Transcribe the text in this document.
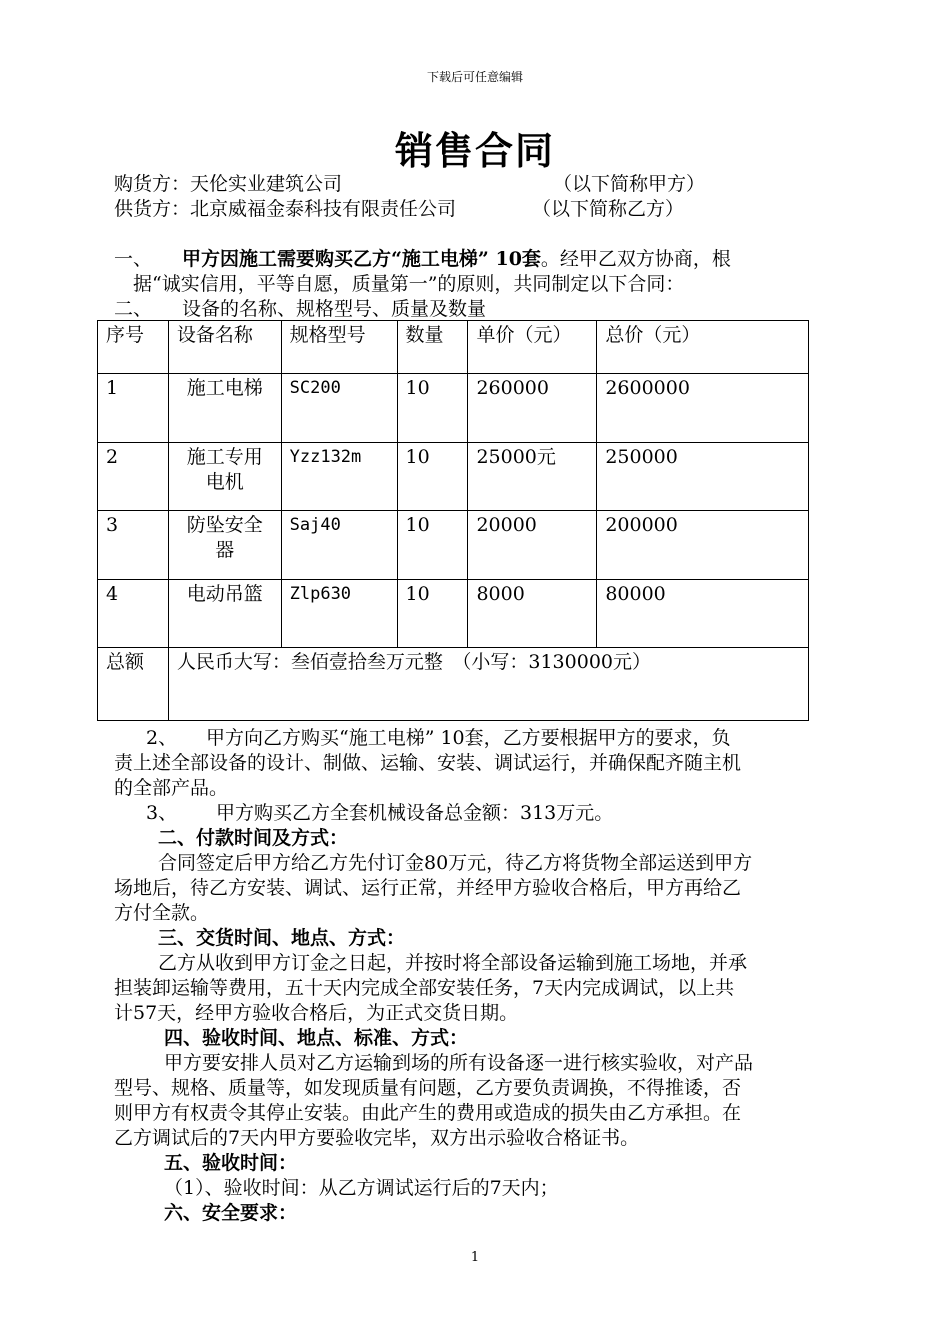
下载后可任意编辑
销售合同
购货方：天伦实业建筑公司	（以下简称甲方）
供货方：北京威福金泰科技有限责任公司	（以下简称乙方）
一、 甲方因施工需要购买乙方“施工电梯” 10套。经甲乙双方协商，根
据“诚实信用，平等自愿，质量第一”的原则，共同制定以下合同：
二、 设备的名称、规格型号、质量及数量
序号	设备名称	规格型号	数量	单价（元）	总价（元）
1	施工电梯	SC200	10	260000	2600000
2	施工专用
电机	Yzz132m	10	25000元	250000
3	防坠安全
器	Saj40	10	20000	200000
4	电动吊篮	Zlp630	10	8000	80000
总额	人民币大写：叁佰壹拾叁万元整　（小写：3130000元）				
2、 甲方向乙方购买“施工电梯” 10套，乙方要根据甲方的要求，负
责上述全部设备的设计、制做、运输、安装、调试运行，并确保配齐随主机
的全部产品。
3、 甲方购买乙方全套机械设备总金额：313万元。
二、付款时间及方式：
合同签定后甲方给乙方先付订金80万元，待乙方将货物全部运送到甲方
场地后，待乙方安装、调试、运行正常，并经甲方验收合格后，甲方再给乙
方付全款。
三、交货时间、地点、方式：
乙方从收到甲方订金之日起，并按时将全部设备运输到施工场地，并承
担装卸运输等费用，五十天内完成全部安装任务，7天内完成调试，以上共
计57天，经甲方验收合格后，为正式交货日期。
四、验收时间、地点、标准、方式：
甲方要安排人员对乙方运输到场的所有设备逐一进行核实验收，对产品
型号、规格、质量等，如发现质量有问题，乙方要负责调换，不得推诿，否
则甲方有权责令其停止安装。由此产生的费用或造成的损失由乙方承担。在
乙方调试后的7天内甲方要验收完毕，双方出示验收合格证书。
五、验收时间：
（1）、验收时间：从乙方调试运行后的7天内；
六、安全要求：
1
